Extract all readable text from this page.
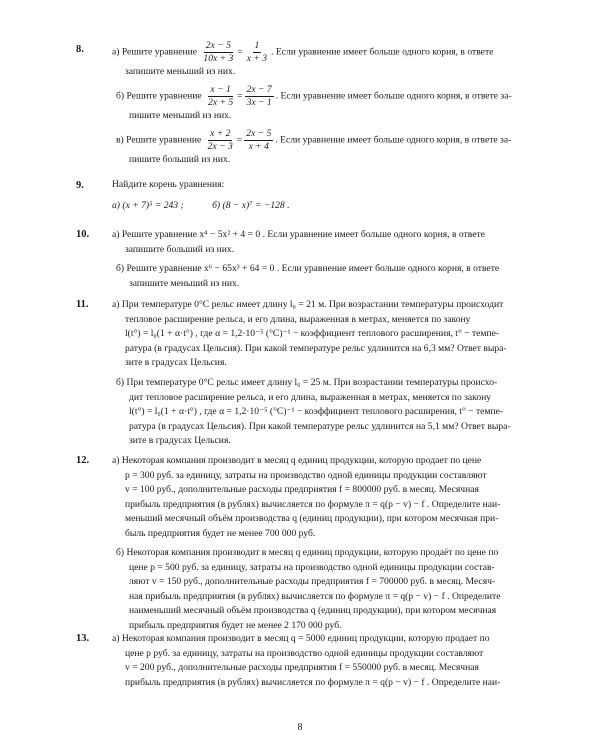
8.	а) Решите уравнение $\frac{2x - 5}{10x + 3} = \frac{1}{x + 3}$ . Если уравнение имеет больше одного корня, в ответе
запишите меньший из них.
б) Решите уравнение $\frac{x - 1}{2x + 5} = \frac{2x - 7}{3x - 1}$ . Если уравнение имеет больше одного корня, в ответе за-
пишите меньший из них.
в) Решите уравнение $\frac{x + 2}{2x - 3} = \frac{2x - 5}{x + 4}$ . Если уравнение имеет больше одного корня, в ответе за-
пишите больший из них.
9.	Найдите корень уравнения:
а) (x + 7)⁵ = 243 ;	б) (8 − x)⁷ = −128 .
10. а) Решите уравнение x⁴ − 5x² + 4 = 0 . Если уравнение имеет больше одного корня, в ответе
запишите больший из них.
б) Решите уравнение x⁶ − 65x³ + 64 = 0 . Если уравнение имеет больше одного корня, в ответе
запишите меньший из них.
11. а) При температуре 0°C рельс имеет длину l₀ = 21 м. При возрастании температуры происходит
тепловое расширение рельса, и его длина, выраженная в метрах, меняется по закону
l(t°) = l₀(1 + α·t°) , где α = 1,2·10⁻⁵ (°C)⁻¹ − коэффициент теплового расширения, t° − темпе-
ратура (в градусах Цельсия). При какой температуре рельс удлинится на 6,3 мм? Ответ выра-
зите в градусах Цельсия.
б) При температуре 0°C рельс имеет длину l₀ = 25 м. При возрастании температуры происхо-
дит тепловое расширение рельса, и его длина, выраженная в метрах, меняется по закону
l(t°) = l₀(1 + α·t°) , где α = 1,2·10⁻⁵ (°C)⁻¹ − коэффициент теплового расширения, t° − темпе-
ратура (в градусах Цельсия). При какой температуре рельс удлинится на 5,1 мм? Ответ выра-
зите в градусах Цельсия.
12. а) Некоторая компания производит в месяц q единиц продукции, которую продает по цене
p = 300 руб. за единицу, затраты на производство одной единицы продукции составляют
v = 100 руб., дополнительные расходы предприятия f = 800000 руб. в месяц. Месячная
прибыль предприятия (в рублях) вычисляется по формуле π = q(p − v) − f . Определите наи-
меньший месячный объём производства q (единиц продукции), при котором месячная при-
быль предприятия будет не менее 700 000 руб.
б) Некоторая компания производит в месяц q единиц продукции, которую продаёт по цене по
цене p = 500 руб. за единицу, затраты на производство одной единицы продукции состав-
ляют v = 150 руб., дополнительные расходы предприятия f = 700000 руб. в месяц. Месяч-
ная прибыль предприятия (в рублях) вычисляется по формуле π = q(p − v) − f . Определите
наименьший месячный объём производства q (единиц продукции), при котором месячная
прибыль предприятия будет не менее 2 170 000 руб.
13. а) Некоторая компания производит в месяц q = 5000 единиц продукции, которую продает по
цене p руб. за единицу, затраты на производство одной единицы продукции составляют
v = 200 руб., дополнительные расходы предприятия f = 550000 руб. в месяц. Месячная
прибыль предприятия (в рублях) вычисляется по формуле π = q(p − v) − f . Определите наи-
8
